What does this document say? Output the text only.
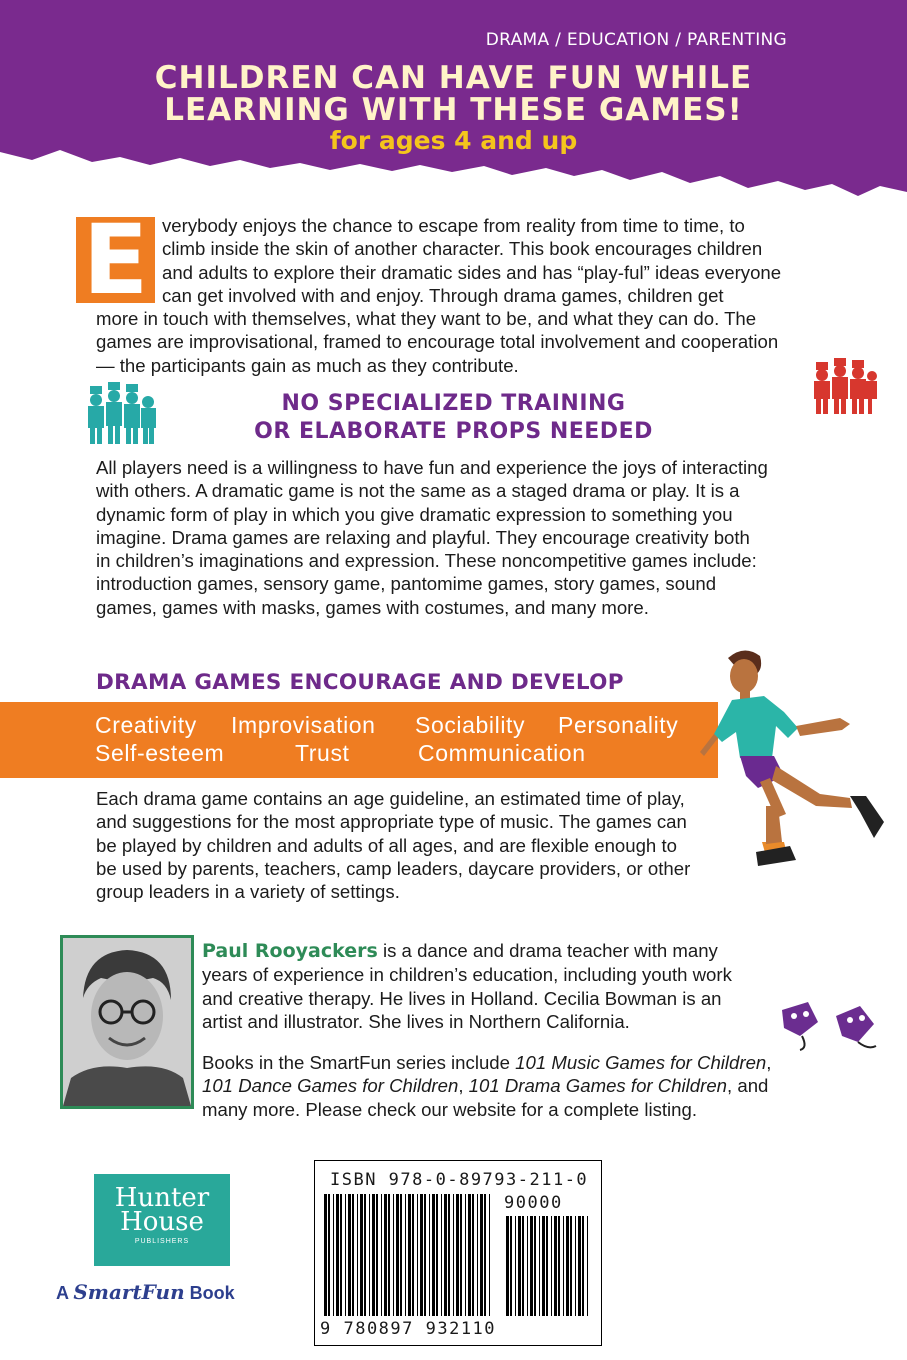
DRAMA / EDUCATION / PARENTING
CHILDREN CAN HAVE FUN WHILE
LEARNING WITH THESE GAMES!
for ages 4 and up
E verybody enjoys the chance to escape from reality from time to time, to
climb inside the skin of another character. This book encourages children
and adults to explore their dramatic sides and has “play-ful” ideas everyone
can get involved with and enjoy. Through drama games, children get
more in touch with themselves, what they want to be, and what they can do. The
games are improvisational, framed to encourage total involvement and cooperation
— the participants gain as much as they contribute.
NO SPECIALIZED TRAINING
OR ELABORATE PROPS NEEDED
All players need is a willingness to have fun and experience the joys of interacting
with others. A dramatic game is not the same as a staged drama or play. It is a
dynamic form of play in which you give dramatic expression to something you
imagine. Drama games are relaxing and playful. They encourage creativity both
in children’s imaginations and expression. These noncompetitive games include:
introduction games, sensory game, pantomime games, story games, sound
games, games with masks, games with costumes, and many more.
DRAMA GAMES ENCOURAGE AND DEVELOP
Creativity Improvisation Sociability Personality
Self-esteem	Trust	Communication
Each drama game contains an age guideline, an estimated time of play,
and suggestions for the most appropriate type of music. The games can
be played by children and adults of all ages, and are flexible enough to
be used by parents, teachers, camp leaders, daycare providers, or other
group leaders in a variety of settings.
Paul Rooyackers is a dance and drama teacher with many
years of experience in children’s education, including youth work
and creative therapy. He lives in Holland. Cecilia Bowman is an
artist and illustrator. She lives in Northern California.
Books in the SmartFun series include 101 Music Games for Children,
101 Dance Games for Children, 101 Drama Games for Children, and
many more. Please check our website for a complete listing.
Hunter
House
PUBLISHERS
A SmartFun Book
ISBN 978-0-89793-211-0
90000
9 780897 932110
